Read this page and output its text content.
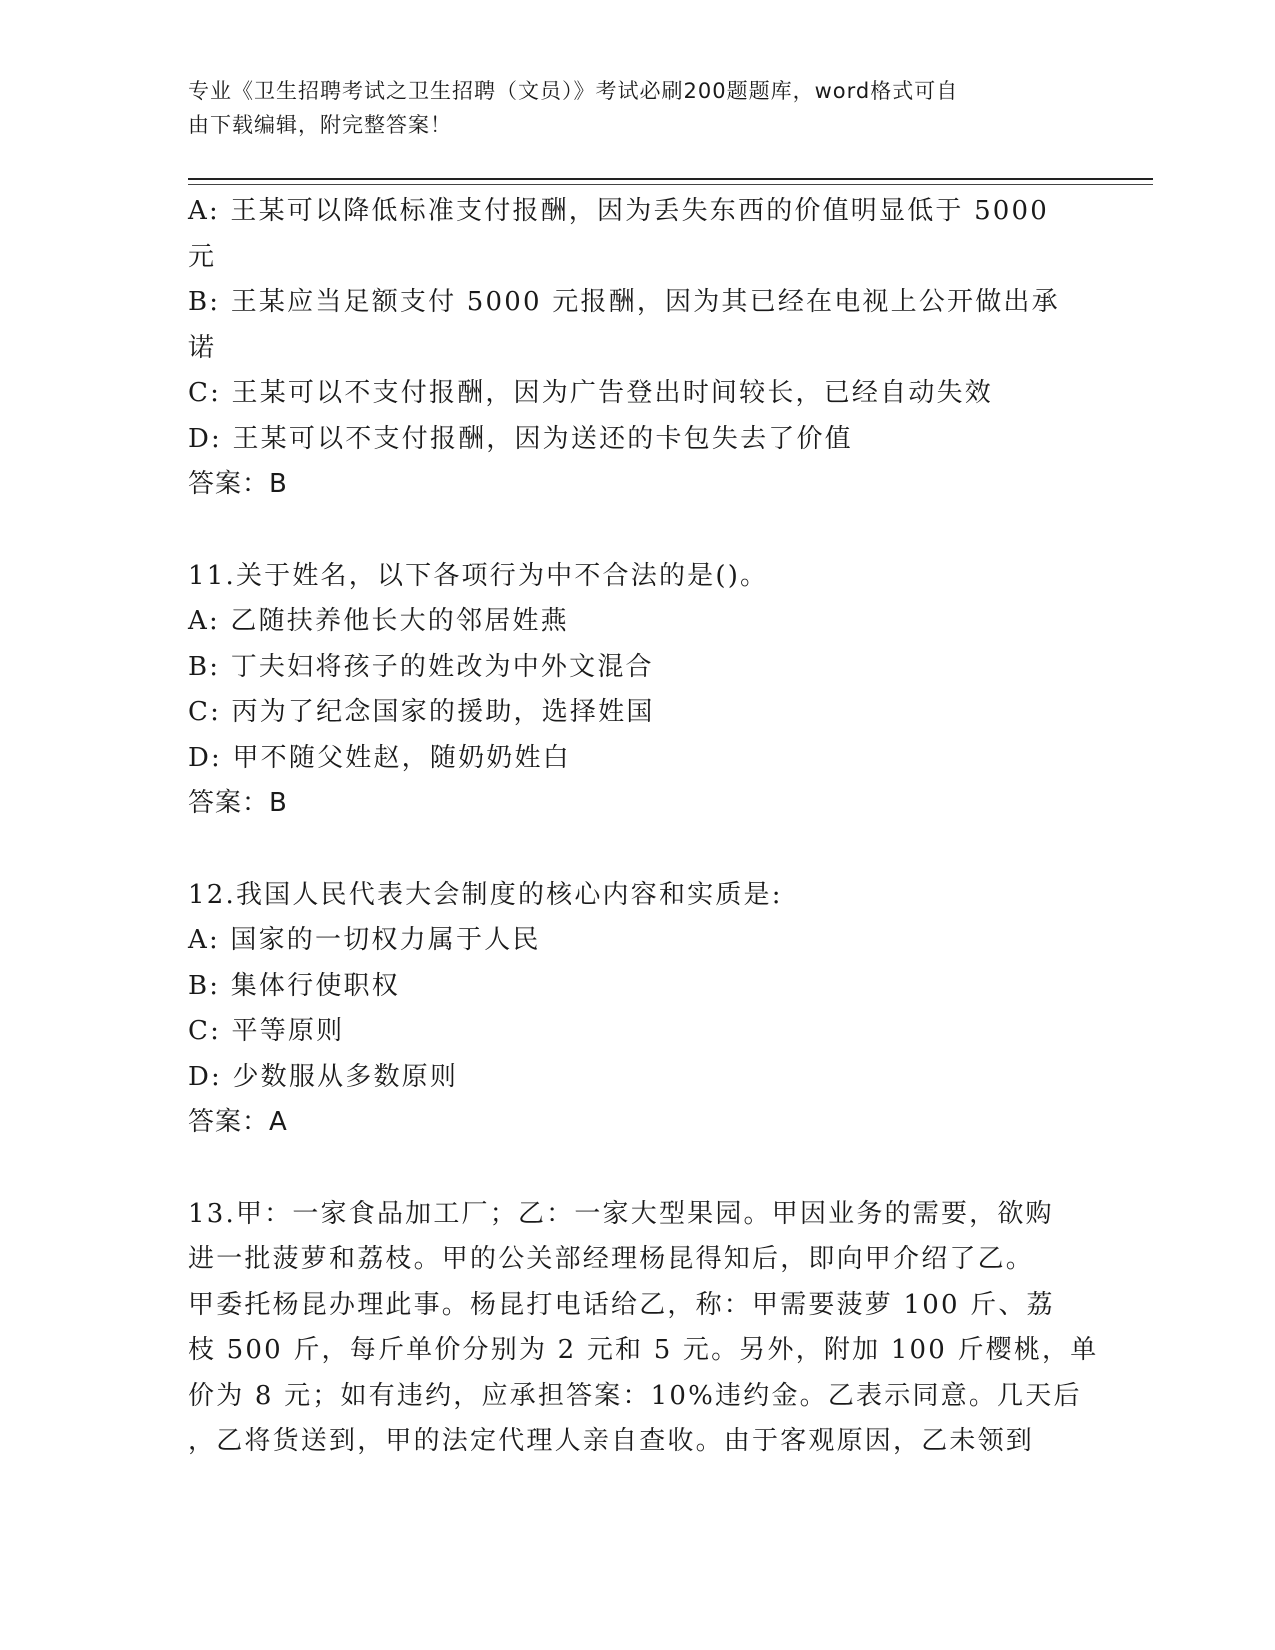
专业《卫生招聘考试之卫生招聘（文员）》考试必刷200题题库，word格式可自
由下载编辑，附完整答案！
A: 王某可以降低标准支付报酬，因为丢失东西的价值明显低于 5000
元
B: 王某应当足额支付 5000 元报酬，因为其已经在电视上公开做出承
诺
C: 王某可以不支付报酬，因为广告登出时间较长，已经自动失效
D: 王某可以不支付报酬，因为送还的卡包失去了价值
答案：B
11.关于姓名，以下各项行为中不合法的是()。
A: 乙随扶养他长大的邻居姓燕
B: 丁夫妇将孩子的姓改为中外文混合
C: 丙为了纪念国家的援助，选择姓国
D: 甲不随父姓赵，随奶奶姓白
答案：B
12.我国人民代表大会制度的核心内容和实质是:
A: 国家的一切权力属于人民
B: 集体行使职权
C: 平等原则
D: 少数服从多数原则
答案：A
13.甲：一家食品加工厂；乙：一家大型果园。甲因业务的需要，欲购
进一批菠萝和荔枝。甲的公关部经理杨昆得知后，即向甲介绍了乙。
甲委托杨昆办理此事。杨昆打电话给乙，称：甲需要菠萝 100 斤、荔
枝 500 斤，每斤单价分别为 2 元和 5 元。另外，附加 100 斤樱桃，单
价为 8 元；如有违约，应承担答案：10%违约金。乙表示同意。几天后
，乙将货送到，甲的法定代理人亲自查收。由于客观原因，乙未领到
